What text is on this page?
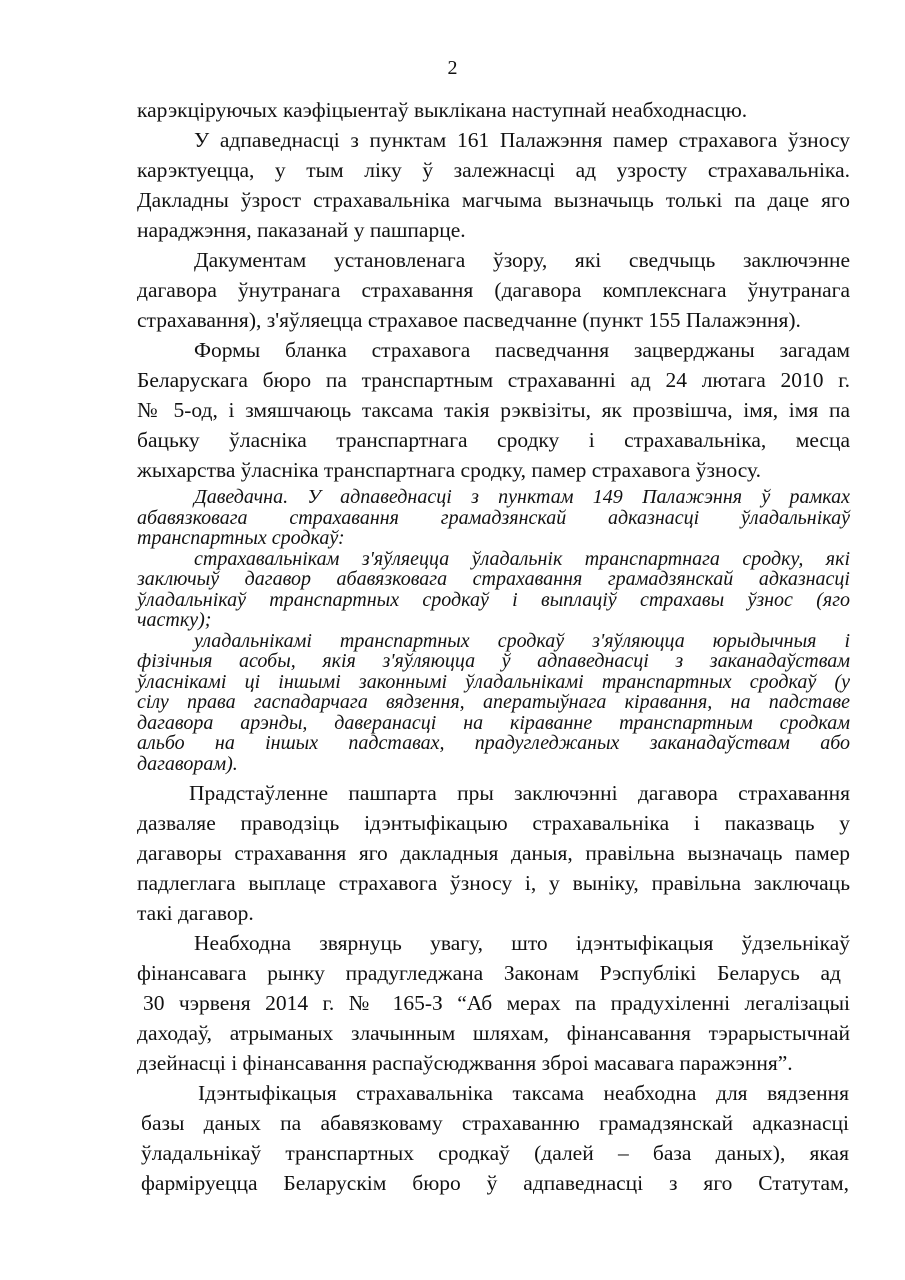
2
карэкціруючых каэфіцыентаў выклікана наступнай неабходнасцю.
У адпаведнасці з пунктам 161 Палажэння памер страхавога ўзносу
карэктуецца, у тым ліку ў залежнасці ад узросту страхавальніка.
Дакладны ўзрост страхавальніка магчыма вызначыць толькі па даце яго
нараджэння, паказанай у пашпарце.
Дакументам установленага ўзору, якi сведчыць заключэнне
дагавора ўнутранага страхавання (дагавора комплекснага ўнутранага
страхавання), з'яўляецца страхавое пасведчанне (пункт 155 Палажэння).
Формы бланка страхавога пасведчання зацверджаны загадам
Беларускага бюро па транспартным страхаванні ад 24 лютага 2010 г.
№ 5-од, і змяшчаюць таксама такія рэквізіты, як прозвішча, імя, імя па
бацьку ўласніка транспартнага сродку і страхавальніка, месца
жыхарства ўласніка транспартнага сродку, памер страхавога ўзносу.
Даведачна. У адпаведнасці з пунктам 149 Палажэння ў рамках
абавязковага страхавання грамадзянскай адказнасці ўладальнікаў
транспартных сродкаў:
страхавальнікам з'яўляецца ўладальнік транспартнага сродку, які
заключыў дагавор абавязковага страхавання грамадзянскай адказнасці
ўладальнікаў транспартных сродкаў і выплаціў страхавы ўзнос (яго
частку);
уладальнікамі транспартных сродкаў з'яўляюцца юрыдычныя і
фізічныя асобы, якія з'яўляюцца ў адпаведнасці з заканадаўствам
ўласнікамі ці іншымі законнымі ўладальнікамі транспартных сродкаў (у
сілу права гаспадарчага вядзення, аператыўнага кіравання, на падставе
дагавора арэнды, даверанасці на кіраванне транспартным сродкам
альбо на іншых падставах, прадугледжаных заканадаўствам або
дагаворам).
Прадстаўленне пашпарта пры заключэнні дагавора страхавання
дазваляе праводзіць ідэнтыфікацыю страхавальніка і паказваць у
дагаворы страхавання яго дакладныя даныя, правільна вызначаць памер
падлеглага выплаце страхавога ўзносу і, у выніку, правільна заключаць
такі дагавор.
Неабходна звярнуць увагу, што ідэнтыфікацыя ўдзельнікаў
фінансавага рынку прадугледжана Законам Рэспублікі Беларусь ад
30 чэрвеня 2014 г. № 165-З “Аб мерах па прадухіленні легалізацыі
даходаў, атрыманых злачынным шляхам, фінансавання тэрарыстычнай
дзейнасці і фінансавання распаўсюджвання зброі масавага паражэння”.
Ідэнтыфікацыя страхавальніка таксама неабходна для вядзення
базы даных па абавязковаму страхаванню грамадзянскай адказнасці
ўладальнікаў транспартных сродкаў (далей – база даных), якая
фарміруецца Беларускім бюро ў адпаведнасці з яго Статутам,
